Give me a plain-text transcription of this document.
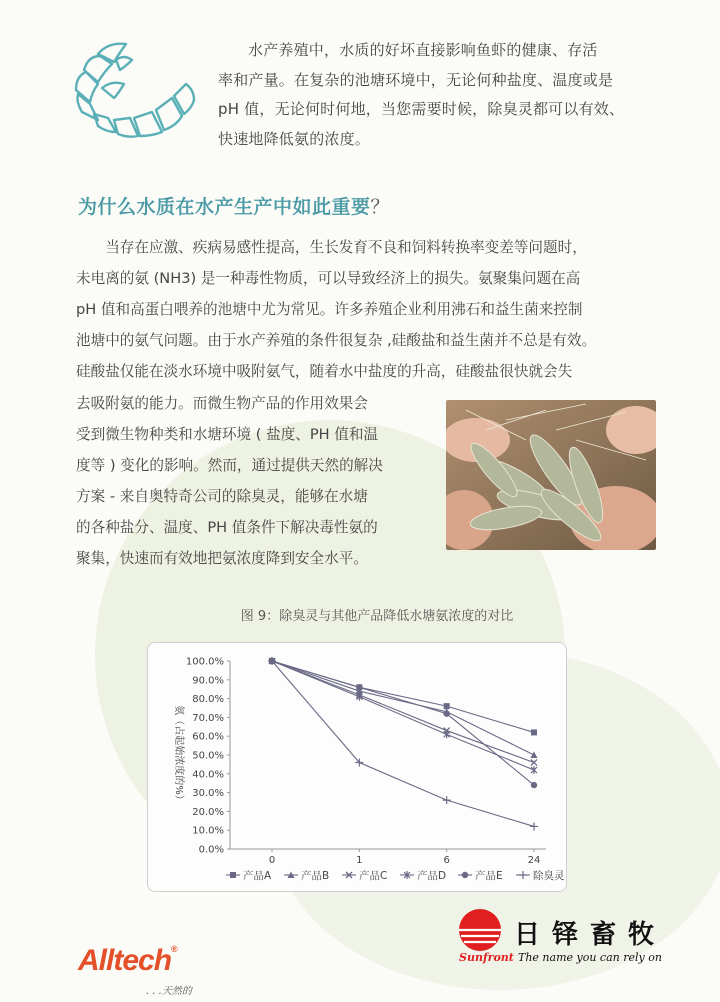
水产养殖中，水质的好坏直接影响鱼虾的健康、存活

率和产量。在复杂的池塘环境中，无论何种盐度、温度或是
pH 值，无论何时何地，当您需要时候，除臭灵都可以有效、
快速地降低氨的浓度。
为什么水质在水产生产中如此重要？

当存在应激、疾病易感性提高，生长发育不良和饲料转换率变差等问题时，

未电离的氨 (NH3) 是一种毒性物质，可以导致经济上的损失。氨聚集问题在高

pH 值和高蛋白喂养的池塘中尤为常见。许多养殖企业利用沸石和益生菌来控制

池塘中的氨气问题。由于水产养殖的条件很复杂 ,硅酸盐和益生菌并不总是有效。

硅酸盐仅能在淡水环境中吸附氨气，随着水中盐度的升高，硅酸盐很快就会失

去吸附氨的能力。而微生物产品的作用效果会

受到微生物种类和水塘环境 ( 盐度、PH 值和温

度等 ) 变化的影响。然而，通过提供天然的解决

方案 - 来自奥特奇公司的除臭灵，能够在水塘

的各种盐分、温度、PH 值条件下解决毒性氨的

聚集，快速而有效地把氨浓度降到安全水平。

图 9：除臭灵与其他产品降低水塘氨浓度的对比
0.0%
10.0%
20.0%
30.0%
40.0%
50.0%
60.0%
70.0%
80.0%
90.0%
100.0%
0	1	6	24
氨（占起始浓度的%）
产品A	产品B	产品C	产品D	产品E	除臭灵
日铎畜牧
Sunfront The name you can rely on
Alltech®
. . .天然的
